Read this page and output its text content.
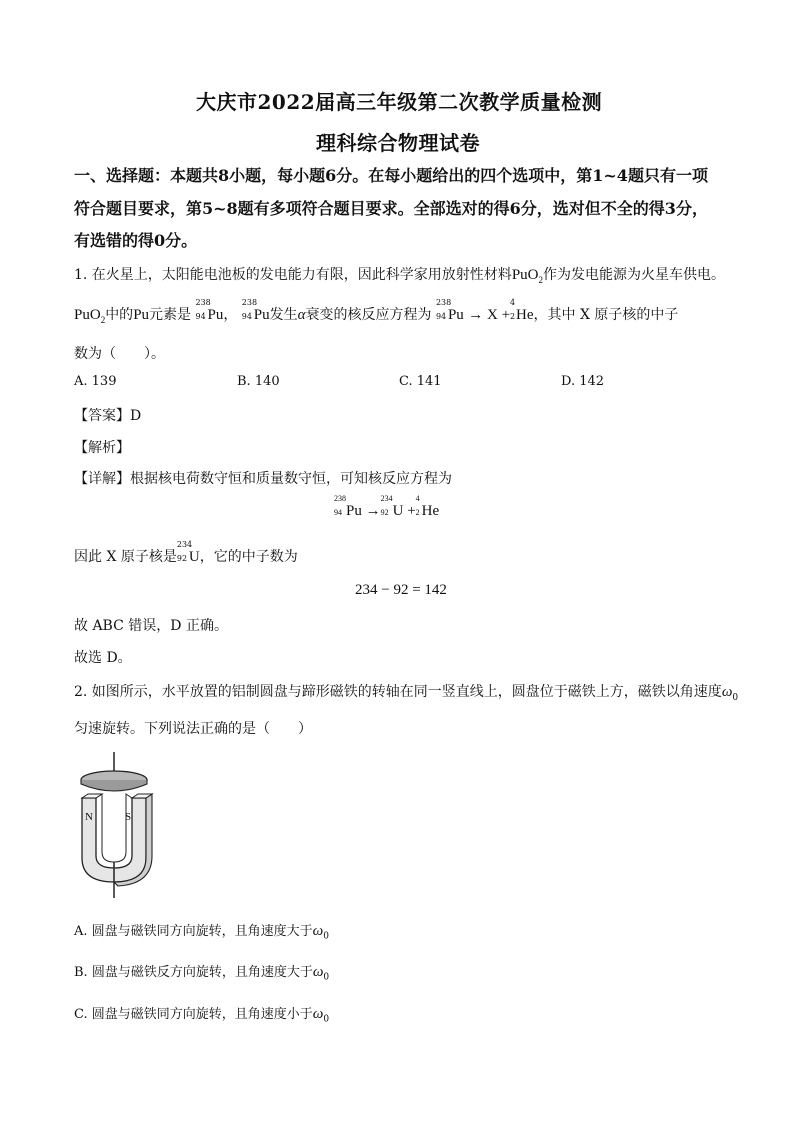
大庆市2022届高三年级第二次教学质量检测
理科综合物理试卷
一、选择题：本题共8小题，每小题6分。在每小题给出的四个选项中，第1~4题只有一项
符合题目要求，第5~8题有多项符合题目要求。全部选对的得6分，选对但不全的得3分，
有选错的得0分。
1. 在火星上，太阳能电池板的发电能力有限，因此科学家用放射性材料PuO$_2$作为发电能源为火星车供电。
PuO$_2$中的Pu元素是
238
94 Pu，
238
94 Pu发生α衰变的核反应方程为
238
94 Pu → X +
4
2 He，其中 X 原子核的中子
数为（　　）。
A. 139	B. 140	C. 141	D. 142
【答案】D
【解析】
【详解】根据核电荷数守恒和质量数守恒，可知核反应方程为
238
94 Pu →
234
92 U +
4
2 He
因此 X 原子核是
234
92 U，它的中子数为
234 − 92 = 142
故 ABC 错误，D 正确。
故选 D。
2. 如图所示，水平放置的铝制圆盘与蹄形磁铁的转轴在同一竖直线上，圆盘位于磁铁上方，磁铁以角速度$\omega_0$
匀速旋转。下列说法正确的是（　　）
N	S
A. 圆盘与磁铁同方向旋转，且角速度大于$\omega_0$
B. 圆盘与磁铁反方向旋转，且角速度大于$\omega_0$
C. 圆盘与磁铁同方向旋转，且角速度小于$\omega_0$
